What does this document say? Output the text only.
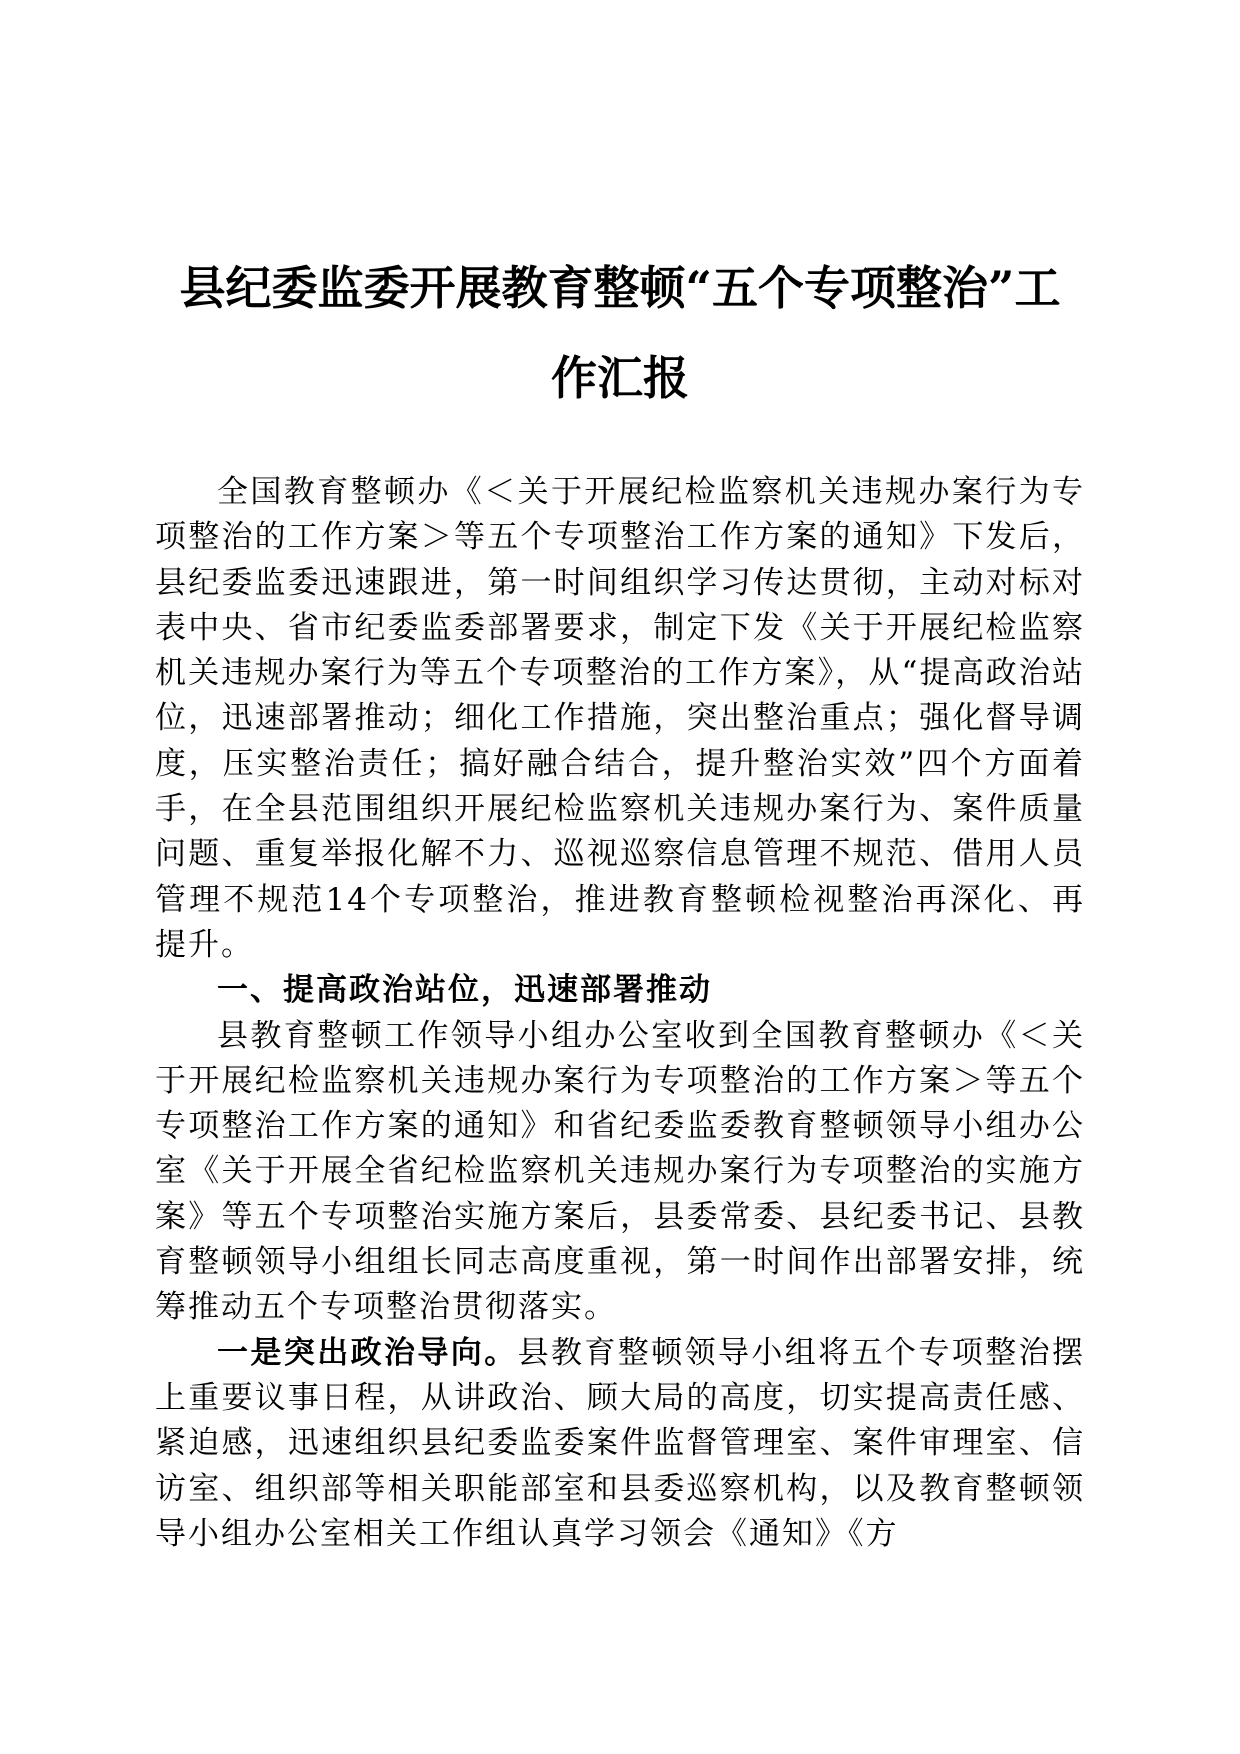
县纪委监委开展教育整顿“五个专项整治”工
作汇报

全国教育整顿办《＜关于开展纪检监察机关违规办案行为专项整治的工作方案＞等五个专项整治工作方案的通知》下发后，县纪委监委迅速跟进，第一时间组织学习传达贯彻，主动对标对表中央、省市纪委监委部署要求，制定下发《关于开展纪检监察机关违规办案行为等五个专项整治的工作方案》，从“提高政治站位，迅速部署推动；细化工作措施，突出整治重点；强化督导调度，压实整治责任；搞好融合结合，提升整治实效”四个方面着手，在全县范围组织开展纪检监察机关违规办案行为、案件质量问题、重复举报化解不力、巡视巡察信息管理不规范、借用人员管理不规范14个专项整治，推进教育整顿检视整治再深化、再提升。

一、提高政治站位，迅速部署推动

县教育整顿工作领导小组办公室收到全国教育整顿办《＜关于开展纪检监察机关违规办案行为专项整治的工作方案＞等五个专项整治工作方案的通知》和省纪委监委教育整顿领导小组办公室《关于开展全省纪检监察机关违规办案行为专项整治的实施方案》等五个专项整治实施方案后，县委常委、县纪委书记、县教育整顿领导小组组长同志高度重视，第一时间作出部署安排，统筹推动五个专项整治贯彻落实。

一是突出政治导向。县教育整顿领导小组将五个专项整治摆上重要议事日程，从讲政治、顾大局的高度，切实提高责任感、紧迫感，迅速组织县纪委监委案件监督管理室、案件审理室、信访室、组织部等相关职能部室和县委巡察机构，以及教育整顿领导小组办公室相关工作组认真学习领会《通知》《方
